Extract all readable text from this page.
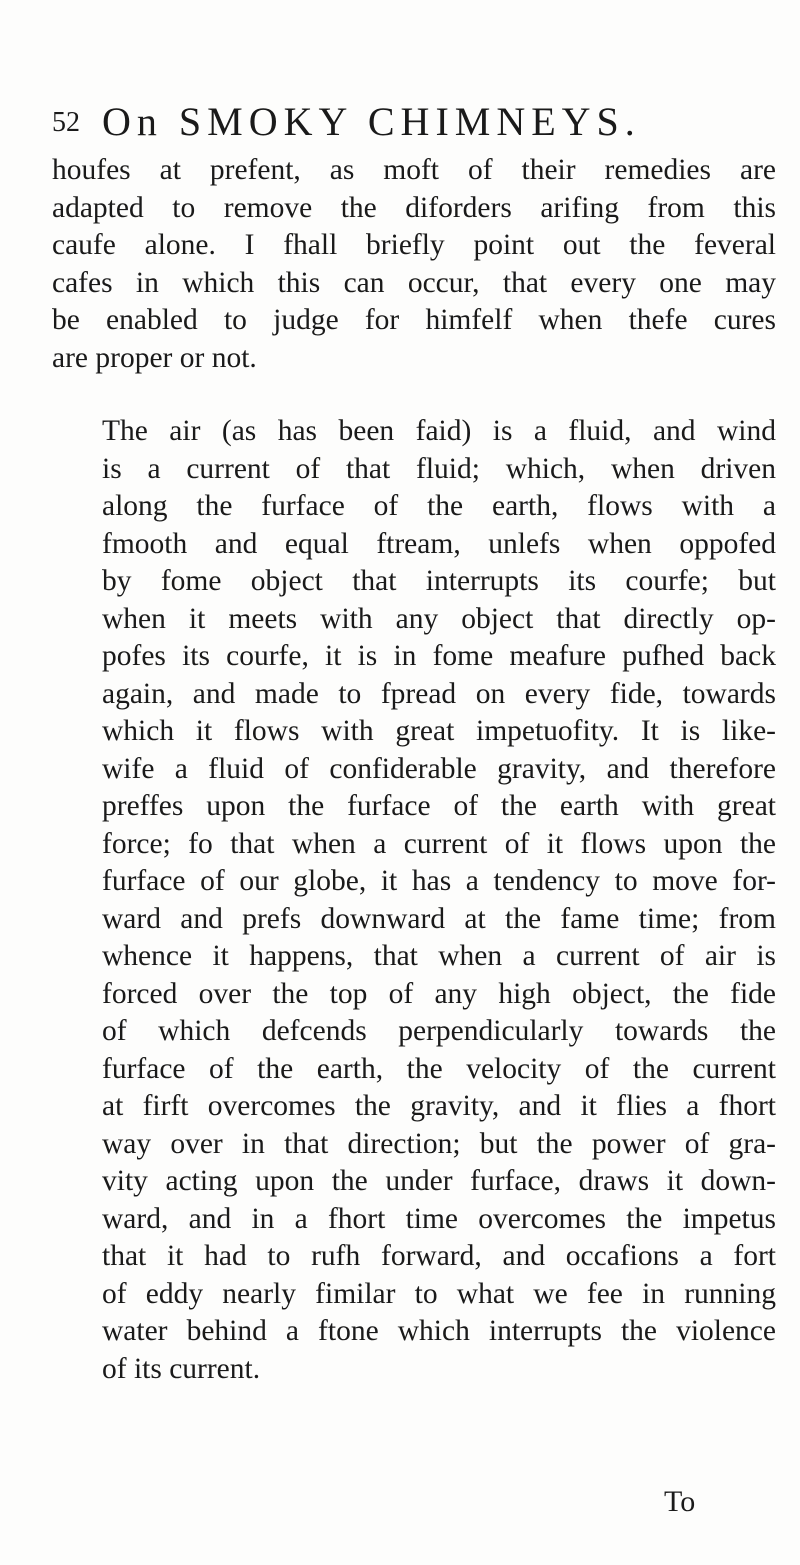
52 On SMOKY CHIMNEYS.
houfes at prefent, as moft of their remedies are
adapted to remove the diforders arifing from this
caufe alone. I fhall briefly point out the feveral
cafes in which this can occur, that every one may
be enabled to judge for himfelf when thefe cures
are proper or not.
The air (as has been faid) is a fluid, and wind
is a current of that fluid; which, when driven
along the furface of the earth, flows with a
fmooth and equal ftream, unlefs when oppofed
by fome object that interrupts its courfe; but
when it meets with any object that directly op-
pofes its courfe, it is in fome meafure pufhed back
again, and made to fpread on every fide, towards
which it flows with great impetuofity. It is like-
wife a fluid of confiderable gravity, and therefore
preffes upon the furface of the earth with great
force; fo that when a current of it flows upon the
furface of our globe, it has a tendency to move for-
ward and prefs downward at the fame time; from
whence it happens, that when a current of air is
forced over the top of any high object, the fide
of which defcends perpendicularly towards the
furface of the earth, the velocity of the current
at firft overcomes the gravity, and it flies a fhort
way over in that direction; but the power of gra-
vity acting upon the under furface, draws it down-
ward, and in a fhort time overcomes the impetus
that it had to rufh forward, and occafions a fort
of eddy nearly fimilar to what we fee in running
water behind a ftone which interrupts the violence
of its current.
To
